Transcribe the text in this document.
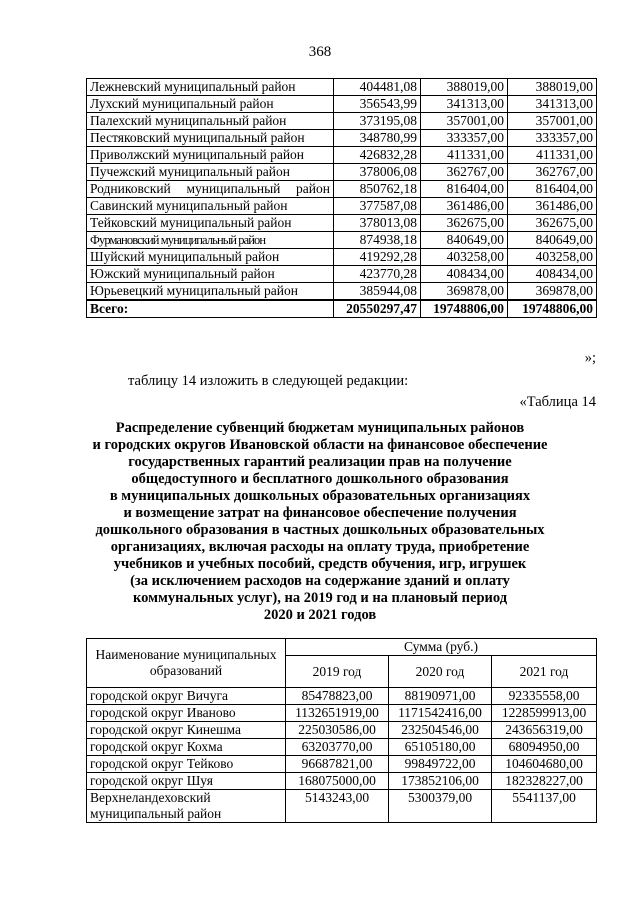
368
Лежневский муниципальный район	404481,08	388019,00	388019,00
Лухский муниципальный район	356543,99	341313,00	341313,00
Палехский муниципальный район	373195,08	357001,00	357001,00
Пестяковский муниципальный район	348780,99	333357,00	333357,00
Приволжский муниципальный район	426832,28	411331,00	411331,00
Пучежский муниципальный район	378006,08	362767,00	362767,00
Родниковский муниципальный район	850762,18	816404,00	816404,00
Савинский муниципальный район	377587,08	361486,00	361486,00
Тейковский муниципальный район	378013,08	362675,00	362675,00
Фурмановский муниципальный район	874938,18	840649,00	840649,00
Шуйский муниципальный район	419292,28	403258,00	403258,00
Южский муниципальный район	423770,28	408434,00	408434,00
Юрьевецкий муниципальный район	385944,08	369878,00	369878,00
Всего:	20550297,47	19748806,00	19748806,00
»;
таблицу 14 изложить в следующей редакции:
«Таблица 14
Распределение субвенций бюджетам муниципальных районов
и городских округов Ивановской области на финансовое обеспечение
государственных гарантий реализации прав на получение
общедоступного и бесплатного дошкольного образования
в муниципальных дошкольных образовательных организациях
и возмещение затрат на финансовое обеспечение получения
дошкольного образования в частных дошкольных образовательных
организациях, включая расходы на оплату труда, приобретение
учебников и учебных пособий, средств обучения, игр, игрушек
(за исключением расходов на содержание зданий и оплату
коммунальных услуг), на 2019 год и на плановый период
2020 и 2021 годов
Наименование муниципальных образований	Сумма (руб.)		
	2019 год	2020 год	2021 год
городской округ Вичуга	85478823,00	88190971,00	92335558,00
городской округ Иваново	1132651919,00	1171542416,00	1228599913,00
городской округ Кинешма	225030586,00	232504546,00	243656319,00
городской округ Кохма	63203770,00	65105180,00	68094950,00
городской округ Тейково	96687821,00	99849722,00	104604680,00
городской округ Шуя	168075000,00	173852106,00	182328227,00
Верхнеландеховский муниципальный район	5143243,00	5300379,00	5541137,00
